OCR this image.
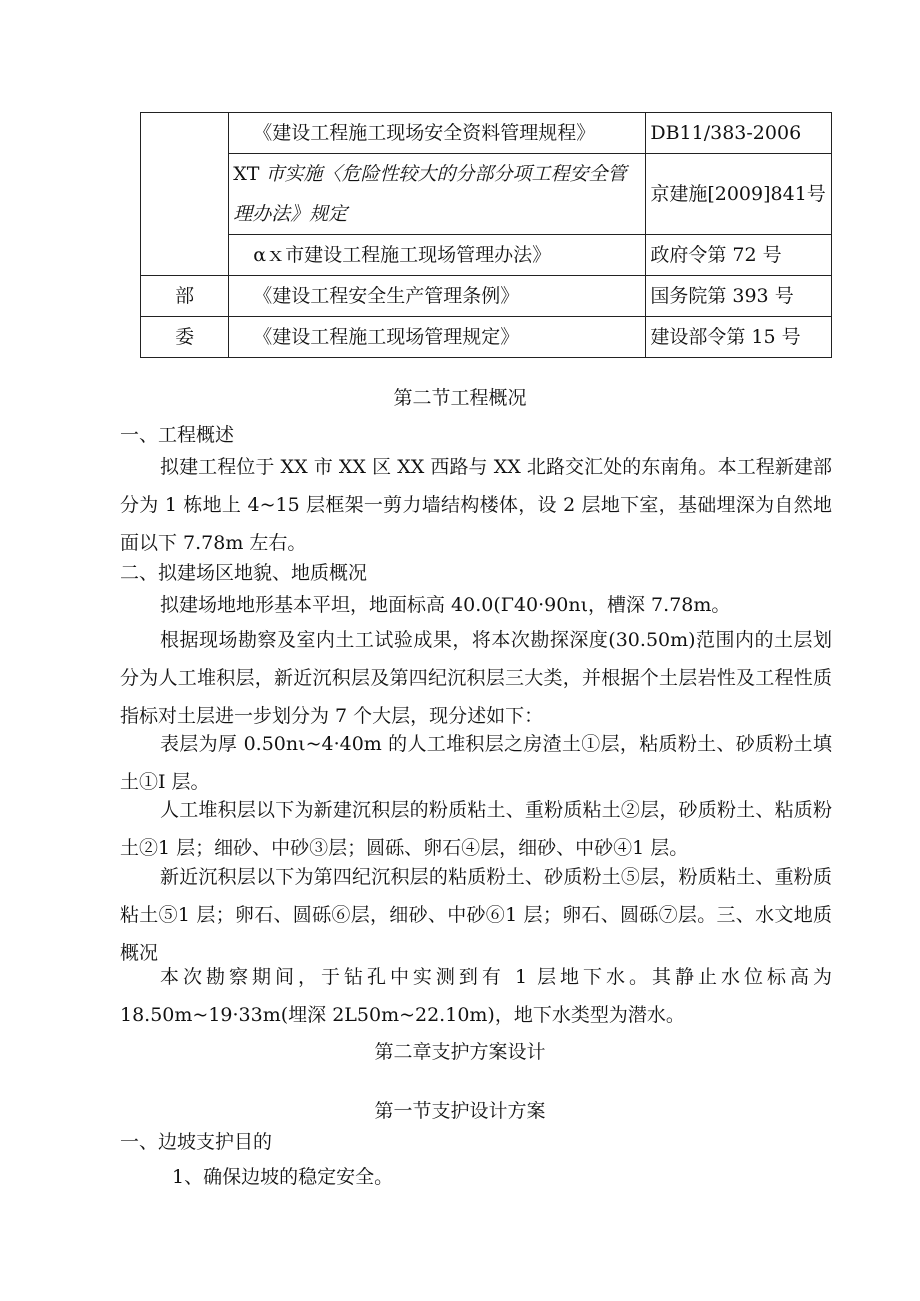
	《建设工程施工现场安全资料管理规程》	DB11/383-2006
	XT 市实施〈危险性较大的分部分项工程安全管理办法》规定	京建施[2009]841号
	αｘ市建设工程施工现场管理办法》	政府令第 72 号
部	《建设工程安全生产管理条例》	国务院第 393 号
委	《建设工程施工现场管理规定》	建设部令第 15 号
第二节工程概况
一、工程概述

拟建工程位于 XX 市 XX 区 XX 西路与 XX 北路交汇处的东南角。本工程新建部分为 1 栋地上 4~15 层框架一剪力墙结构楼体，设 2 层地下室，基础埋深为自然地面以下 7.78m 左右。

二、拟建场区地貌、地质概况

拟建场地地形基本平坦，地面标高 40.0(Γ40·90nι，槽深 7.78m。

根据现场勘察及室内土工试验成果，将本次勘探深度(30.50m)范围内的土层划分为人工堆积层，新近沉积层及第四纪沉积层三大类，并根据个土层岩性及工程性质指标对土层进一步划分为 7 个大层，现分述如下：

表层为厚 0.50nι~4·40m 的人工堆积层之房渣土①层，粘质粉土、砂质粉土填土①I 层。

人工堆积层以下为新建沉积层的粉质粘土、重粉质粘土②层，砂质粉土、粘质粉土②1 层；细砂、中砂③层；圆砾、卵石④层，细砂、中砂④1 层。

新近沉积层以下为第四纪沉积层的粘质粉土、砂质粉土⑤层，粉质粘土、重粉质粘土⑤1 层；卵石、圆砾⑥层，细砂、中砂⑥1 层；卵石、圆砾⑦层。三、水文地质概况

本次勘察期间，于钻孔中实测到有 1 层地下水。其静止水位标高为18.50m~19·33m(埋深 2L50m~22.10m)，地下水类型为潜水。

第二章支护方案设计
第一节支护设计方案
一、边坡支护目的
1、确保边坡的稳定安全。
